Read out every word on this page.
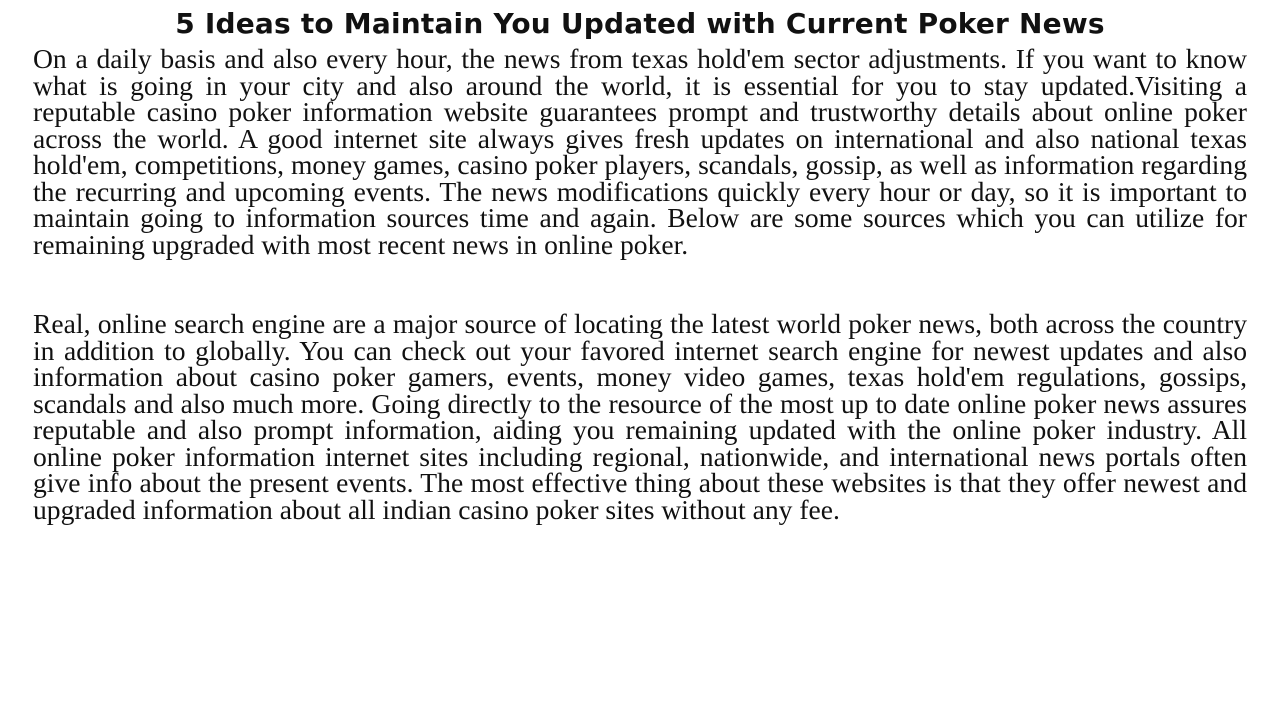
5 Ideas to Maintain You Updated with Current Poker News

On a daily basis and also every hour, the news from texas hold'em sector adjustments. If you want to know what is going in your city and also around the world, it is essential for you to stay updated.Visiting a reputable casino poker information website guarantees prompt and trustworthy details about online poker across the world. A good internet site always gives fresh updates on international and also national texas hold'em, competitions, money games, casino poker players, scandals, gossip, as well as information regarding the recurring and upcoming events. The news modifications quickly every hour or day, so it is important to maintain going to information sources time and again. Below are some sources which you can utilize for remaining upgraded with most recent news in online poker.

Real, online search engine are a major source of locating the latest world poker news, both across the country in addition to globally. You can check out your favored internet search engine for newest updates and also information about casino poker gamers, events, money video games, texas hold'em regulations, gossips, scandals and also much more. Going directly to the resource of the most up to date online poker news assures reputable and also prompt information, aiding you remaining updated with the online poker industry. All online poker information internet sites including regional, nationwide, and international news portals often give info about the present events. The most effective thing about these websites is that they offer newest and upgraded information about all indian casino poker sites without any fee.
